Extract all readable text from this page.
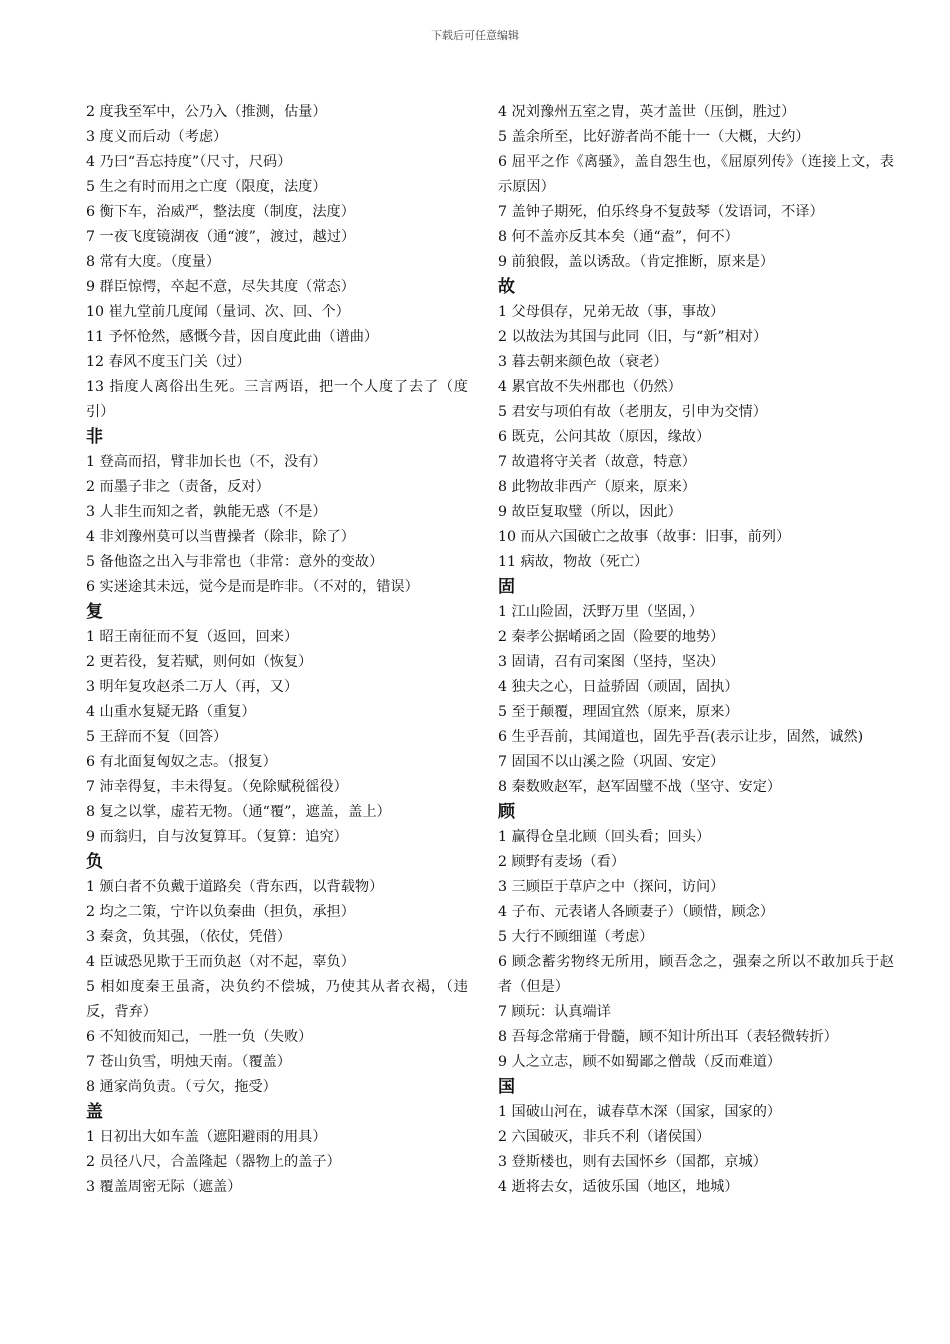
下载后可任意编辑
2 度我至军中，公乃入（推测，估量）
3 度义而后动（考虑）
4 乃曰“吾忘持度”（尺寸，尺码）
5 生之有时而用之亡度（限度，法度）
6 衡下车，治威严，整法度（制度，法度）
7 一夜飞度镜湖夜（通“渡”，渡过，越过）
8 常有大度。（度量）
9 群臣惊愕，卒起不意，尽失其度（常态）
10 崔九堂前几度闻（量词、次、回、个）
11 予怀怆然，感慨今昔，因自度此曲（谱曲）
12 春风不度玉门关（过）
13 指度人离俗出生死。三言两语，把一个人度了去了（度引）
非
1 登高而招，臂非加长也（不，没有）
2 而墨子非之（责备，反对）
3 人非生而知之者，孰能无惑（不是）
4 非刘豫州莫可以当曹操者（除非，除了）
5 备他盗之出入与非常也（非常：意外的变故）
6 实迷途其未远，觉今是而是昨非。（不对的，错误）
复
1 昭王南征而不复（返回，回来）
2 更若役，复若赋，则何如（恢复）
3 明年复攻赵杀二万人（再，又）
4 山重水复疑无路（重复）
5 王辞而不复（回答）
6 有北面复匈奴之志。（报复）
7 沛幸得复，丰未得复。（免除赋税徭役）
8 复之以掌，虚若无物。（通“覆”，遮盖，盖上）
9 而翁归，自与汝复算耳。（复算：追究）
负
1 颁白者不负戴于道路矣（背东西，以背载物）
2 均之二策，宁许以负秦曲（担负，承担）
3 秦贪，负其强，（依仗，凭借）
4 臣诚恐见欺于王而负赵（对不起，辜负）
5 相如度秦王虽斋，决负约不偿城，乃使其从者衣褐，（违反，背弃）
6 不知彼而知己，一胜一负（失败）
7 苍山负雪，明烛天南。（覆盖）
8 通家尚负责。（亏欠，拖受）
盖
1 日初出大如车盖（遮阳避雨的用具）
2 员径八尺，合盖隆起（器物上的盖子）
3 覆盖周密无际（遮盖）
4 况刘豫州五室之胄，英才盖世（压倒，胜过）
5 盖余所至，比好游者尚不能十一（大概，大约）
6 屈平之作《离骚》，盖自怨生也，《屈原列传》（连接上文，表示原因）
7 盖钟子期死，伯乐终身不复鼓琴（发语词，不译）
8 何不盖亦反其本矣（通“盍”，何不）
9 前狼假，盖以诱敌。（肯定推断，原来是）
故
1 父母俱存，兄弟无故（事，事故）
2 以故法为其国与此同（旧，与“新”相对）
3 暮去朝来颜色故（衰老）
4 累官故不失州郡也（仍然）
5 君安与项伯有故（老朋友，引申为交情）
6 既克，公问其故（原因，缘故）
7 故遣将守关者（故意，特意）
8 此物故非西产（原来，原来）
9 故臣复取璧（所以，因此）
10 而从六国破亡之故事（故事：旧事，前列）
11 病故，物故（死亡）
固
1 江山险固，沃野万里（坚固，）
2 秦孝公据崤函之固（险要的地势）
3 固请，召有司案图（坚持，坚决）
4 独夫之心，日益骄固（顽固，固执）
5 至于颠覆，理固宜然（原来，原来）
6 生乎吾前，其闻道也，固先乎吾(表示让步，固然，诚然)
7 固国不以山溪之险（巩固、安定）
8 秦数败赵军，赵军固璧不战（坚守、安定）
顾
1 赢得仓皇北顾（回头看；回头）
2 顾野有麦场（看）
3 三顾臣于草庐之中（探问，访问）
4 子布、元表诸人各顾妻子）（顾惜，顾念）
5 大行不顾细谨（考虑）
6 顾念蓄劣物终无所用，顾吾念之，强秦之所以不敢加兵于赵者（但是）
7 顾玩：认真端详
8 吾每念常痛于骨髓，顾不知计所出耳（表轻微转折）
9 人之立志，顾不如蜀鄙之僧哉（反而难道）
国
1 国破山河在，诚春草木深（国家，国家的）
2 六国破灭，非兵不利（诸侯国）
3 登斯楼也，则有去国怀乡（国都，京城）
4 逝将去女，适彼乐国（地区，地城）
